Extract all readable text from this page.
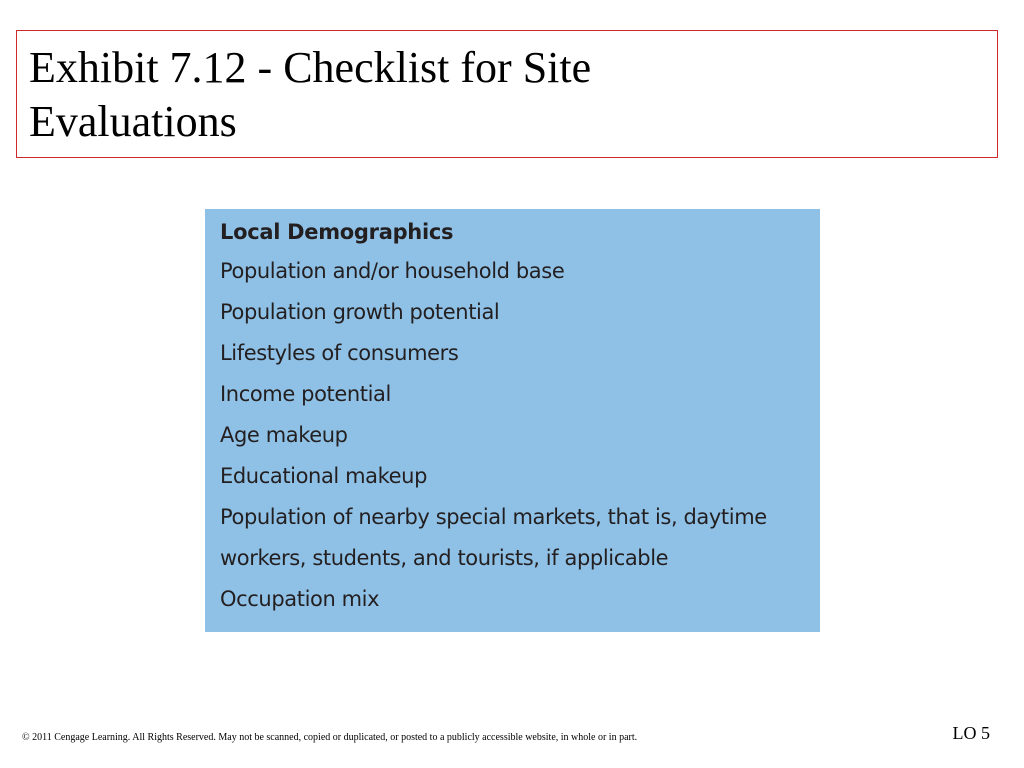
Exhibit 7.12 - Checklist for Site Evaluations
Local Demographics
Population and/or household base
Population growth potential
Lifestyles of consumers
Income potential
Age makeup
Educational makeup
Population of nearby special markets, that is, daytime
workers, students, and tourists, if applicable
Occupation mix
© 2011 Cengage Learning. All Rights Reserved. May not be scanned, copied or duplicated, or posted to a publicly accessible website, in whole or in part.	LO 5
